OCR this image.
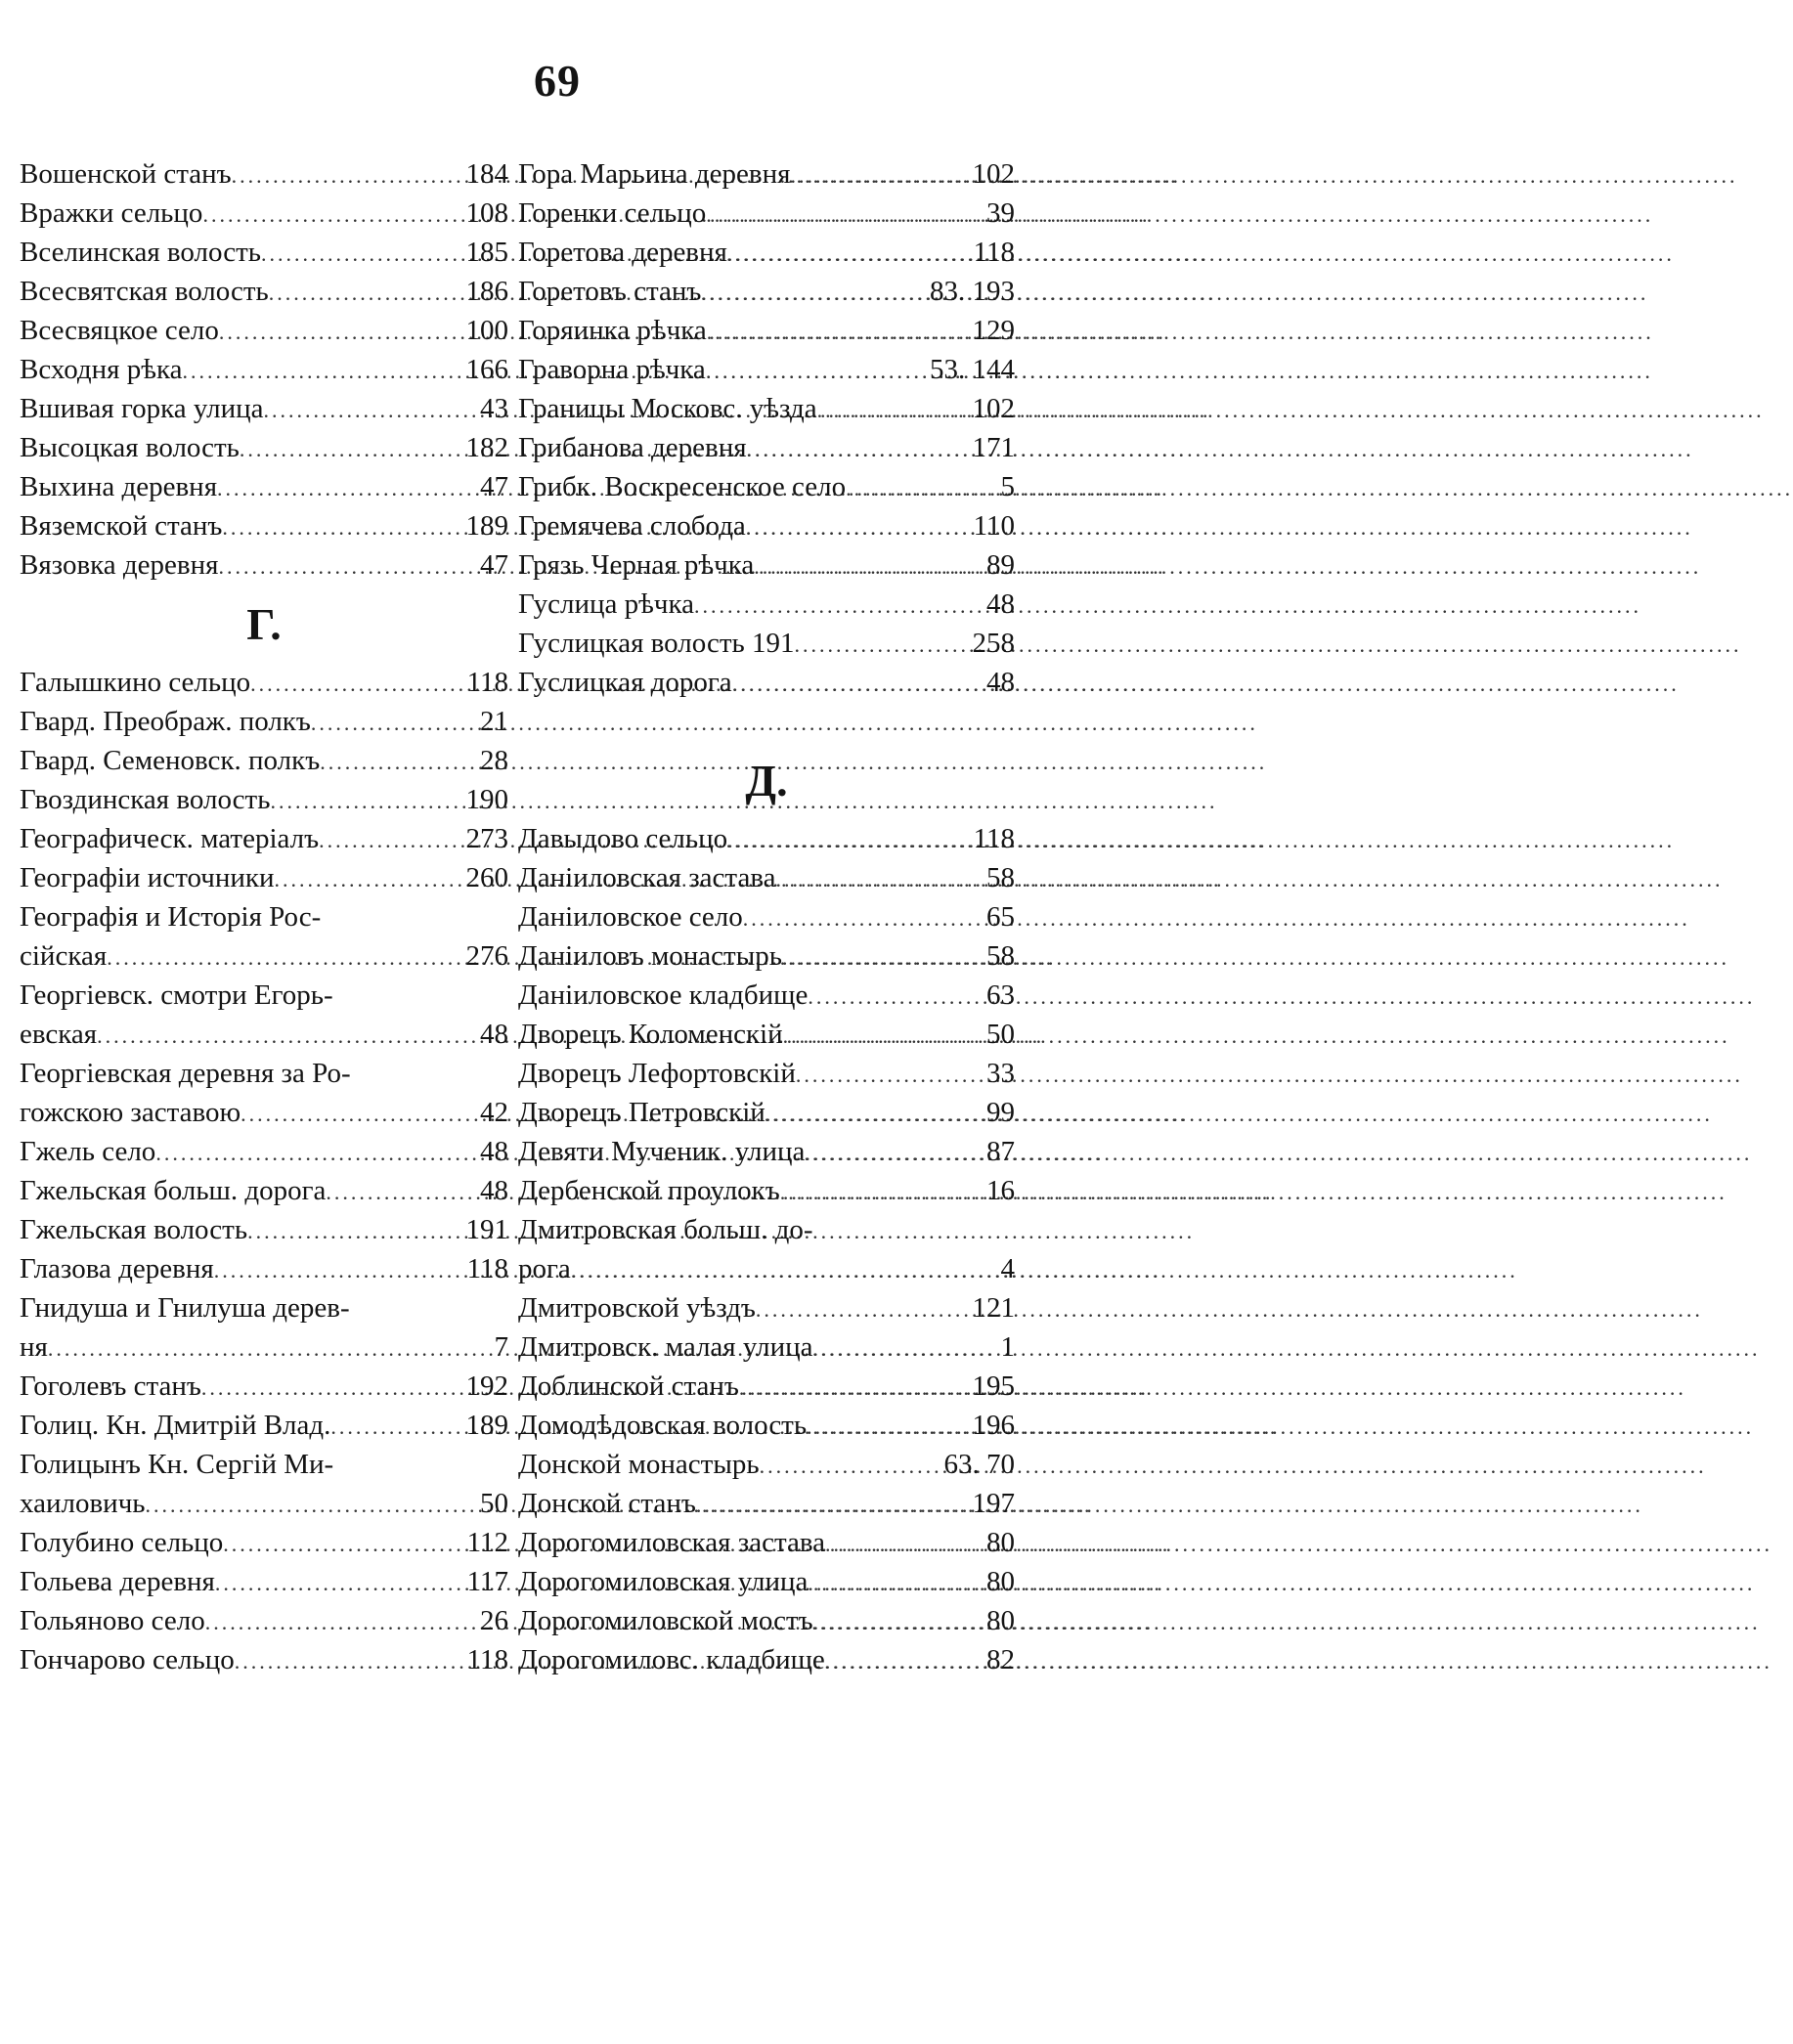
69
Вошенской станъ .....	184
Вражки сельцо .....	108
Вселинская волость .....	185
Всесвятская волость .....	186
Всесвяцкое село .....	100
Всходня рѣка .....	166
Вшивая горка улица .....	43
Высоцкая волость .....	182
Выхина деревня .....	47
Вяземской станъ .....	189
Вязовка деревня .....	47
Г.
Галышкино сельцо .....	118
Гвард. Преображ. полкъ .....	21
Гвард. Семеновск. полкъ .....	28
Гвоздинская волость .....	190
Географическ. матеріалъ .....	273
Географіи источники .....	260
Географія и Исторія Рос-
сійская .....	276
Георгіевск. смотри Егорь-
евская .....	48
Георгіевская деревня за Ро-
гожскою заставою .....	42
Гжель село .....	48
Гжельская больш. дорога .....	48
Гжельская волость .....	191
Глазова деревня .....	118
Гнидуша и Гнилуша дерев-
ня .....	7
Гоголевъ станъ .....	192
Голиц. Кн. Дмитрій Влад. .....	189
Голицынъ Кн. Сергій Ми-
хаиловичь .....	50
Голубино сельцо .....	112
Гольева деревня .....	117
Гольяново село .....	26
Гончарово сельцо .....	118
Гора Марьина деревня .....	102
Горенки сельцо .....	39
Горетова деревня .....	118
Горетовъ станъ .....	83. 193
Горяинка рѣчка .....	129
Граворна рѣчка .....	53. 144
Границы Московс. уѣзда .....	102
Грибанова деревня .....	171
Грибк. Воскресенское село .....	5
Гремячева слобода .....	110
Грязь Черная рѣчка .....	89
Гуслица рѣчка .....	48
Гуслицкая волость 191 .....	258
Гуслицкая дорога .....	48
Д.
Давыдово сельцо .....	118
Даніиловская застава .....	58
Даніиловское село .....	65
Даніиловъ монастырь .....	58
Даніиловское кладбище .....	63
Дворецъ Коломенскій .....	50
Дворецъ Лефортовскій .....	33
Дворецъ Петровскій .....	99
Девяти Мученик. улица .....	87
Дербенской проулокъ .....	16
Дмитровская больш. до-
рога .....	4
Дмитровской уѣздъ .....	121
Дмитровск. малая улица .....	1
Доблинской станъ .....	195
Домодѣдовская волость .....	196
Донской монастырь .....	63. 70
Донской станъ .....	197
Дорогомиловская застава .....	80
Дорогомиловская улица .....	80
Дорогомиловской мостъ .....	80
Дорогомиловс. кладбище .....	82
